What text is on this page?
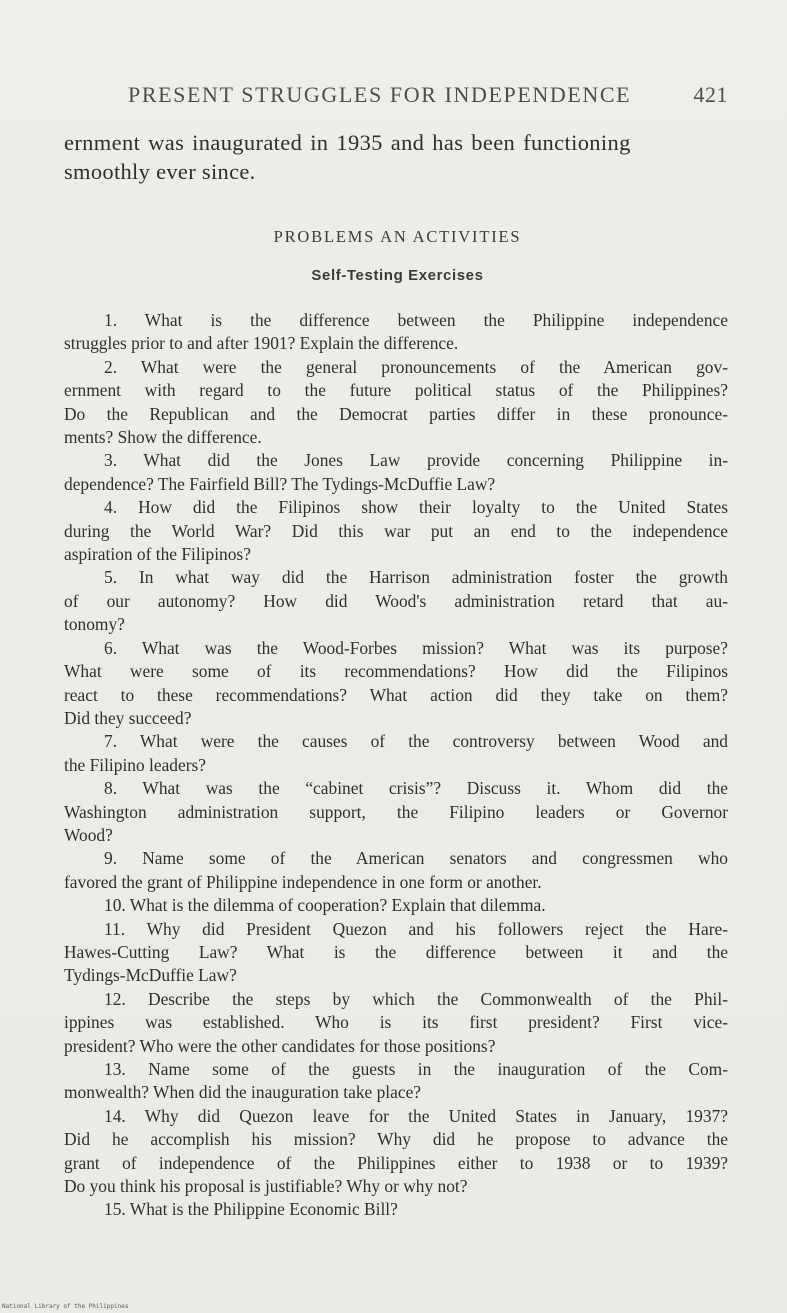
PRESENT STRUGGLES FOR INDEPENDENCE	421
ernment was inaugurated in 1935 and has been functioning
smoothly ever since.
PROBLEMS AN ACTIVITIES
Self-Testing Exercises
1. What is the difference between the Philippine independence
struggles prior to and after 1901? Explain the difference.
2. What were the general pronouncements of the American gov-
ernment with regard to the future political status of the Philippines?
Do the Republican and the Democrat parties differ in these pronounce-
ments? Show the difference.
3. What did the Jones Law provide concerning Philippine in-
dependence? The Fairfield Bill? The Tydings-McDuffie Law?
4. How did the Filipinos show their loyalty to the United States
during the World War? Did this war put an end to the independence
aspiration of the Filipinos?
5. In what way did the Harrison administration foster the growth
of our autonomy? How did Wood's administration retard that au-
tonomy?
6. What was the Wood-Forbes mission? What was its purpose?
What were some of its recommendations? How did the Filipinos
react to these recommendations? What action did they take on them?
Did they succeed?
7. What were the causes of the controversy between Wood and
the Filipino leaders?
8. What was the “cabinet crisis”? Discuss it. Whom did the
Washington administration support, the Filipino leaders or Governor
Wood?
9. Name some of the American senators and congressmen who
favored the grant of Philippine independence in one form or another.
10. What is the dilemma of cooperation? Explain that dilemma.
11. Why did President Quezon and his followers reject the Hare-
Hawes-Cutting Law? What is the difference between it and the
Tydings-McDuffie Law?
12. Describe the steps by which the Commonwealth of the Phil-
ippines was established. Who is its first president? First vice-
president? Who were the other candidates for those positions?
13. Name some of the guests in the inauguration of the Com-
monwealth? When did the inauguration take place?
14. Why did Quezon leave for the United States in January, 1937?
Did he accomplish his mission? Why did he propose to advance the
grant of independence of the Philippines either to 1938 or to 1939?
Do you think his proposal is justifiable? Why or why not?
15. What is the Philippine Economic Bill?
National Library of the Philippines
